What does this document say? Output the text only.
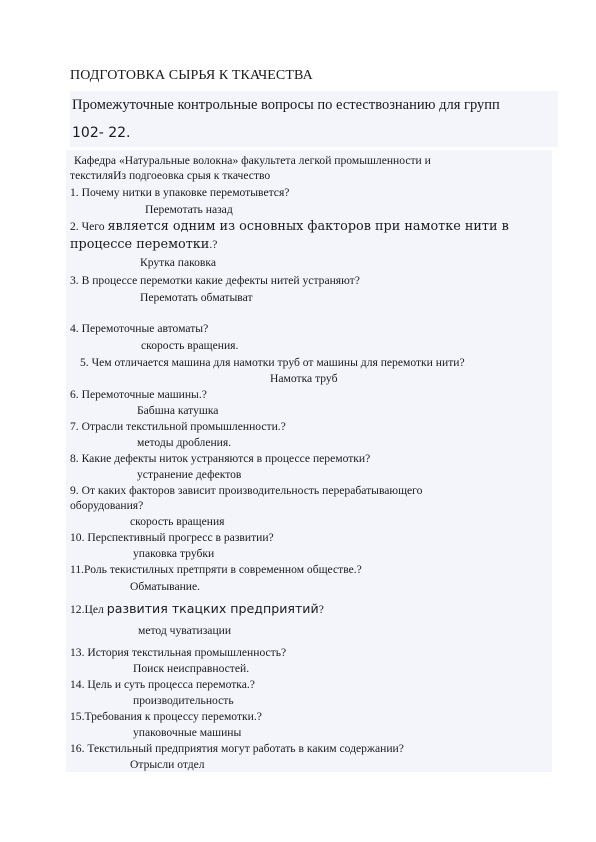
ПОДГОТОВКА СЫРЬЯ К ТКАЧЕСТВА
Промежуточные контрольные вопросы по естествознанию для групп
102- 22.
Кафедра «Натуральные волокна» факультета легкой промышленности и
текстиляИз подгоеовка срыя к ткачество
1. Почему нитки в упаковке перемотывется?
Перемотать назад
2. Чего является одним из основных факторов при намотке нити в
процессе перемотки.?
Крутка паковка
3. В процессе перемотки какие дефекты нитей устраняют?
Перемотать обматыват
4. Перемоточные автоматы?
скорость вращения.
5. Чем отличается машина для намотки труб от машины для перемотки нити?
Намотка труб
6. Перемоточные машины.?
Бабшна катушка
7. Отрасли текстильной промышленности.?
методы дробления.
8. Какие дефекты ниток устраняются в процессе перемотки?
устранение дефектов
9. От каких факторов зависит производительность перерабатывающего
оборудования?
скорость вращения
10. Перспективный прогресс в развитии?
упаковка трубки
11.Роль текистилных претпряти в современном обществе.?
Обматывание.
12.Цел развития ткацких предприятий?
метод чуватизации
13. История текстильная промышленность?
Поиск неисправностей.
14. Цель и суть процесса перемотка.?
производительность
15.Требования к процессу перемотки.?
упаковочные машины
16. Текстильный предприятия могут работать в каким содержании?
Отрысли отдел
